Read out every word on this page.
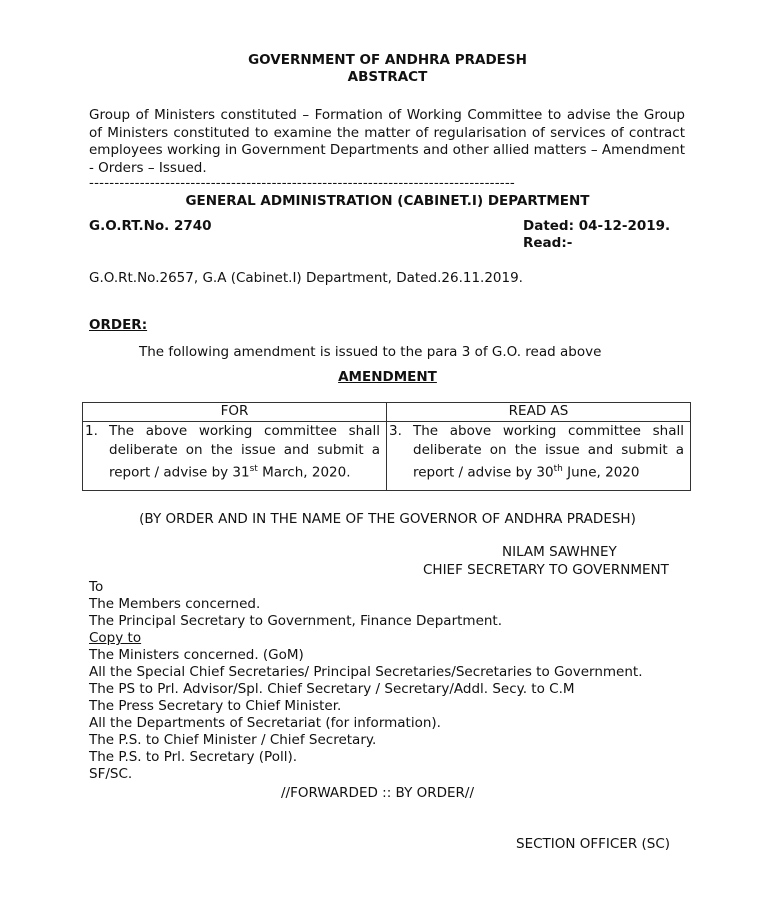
GOVERNMENT OF ANDHRA PRADESH
ABSTRACT
Group of Ministers constituted – Formation of Working Committee to advise the Group of Ministers constituted to examine the matter of regularisation of services of contract employees working in Government Departments and other allied matters – Amendment - Orders – Issued.
------------------------------------------------------------------------------------
GENERAL ADMINISTRATION (CABINET.I) DEPARTMENT
G.O.RT.No. 2740	Dated: 04-12-2019.
Read:-
G.O.Rt.No.2657, G.A (Cabinet.I) Department, Dated.26.11.2019.
ORDER:
The following amendment is issued to the para 3 of G.O. read above
AMENDMENT
FOR	READ AS

1. The above working committee shall deliberate on the issue and submit a report / advise by 31st March, 2020.	3. The above working committee shall deliberate on the issue and submit a report / advise by 30th June, 2020
(BY ORDER AND IN THE NAME OF THE GOVERNOR OF ANDHRA PRADESH)
NILAM SAWHNEY
CHIEF SECRETARY TO GOVERNMENT
To
The Members concerned.
The Principal Secretary to Government, Finance Department.
Copy to
The Ministers concerned. (GoM)
All the Special Chief Secretaries/ Principal Secretaries/Secretaries to Government.
The PS to Prl. Advisor/Spl. Chief Secretary / Secretary/Addl. Secy. to C.M
The Press Secretary to Chief Minister.
All the Departments of Secretariat (for information).
The P.S. to Chief Minister / Chief Secretary.
The P.S. to Prl. Secretary (Poll).
SF/SC.
//FORWARDED :: BY ORDER//
SECTION OFFICER (SC)
